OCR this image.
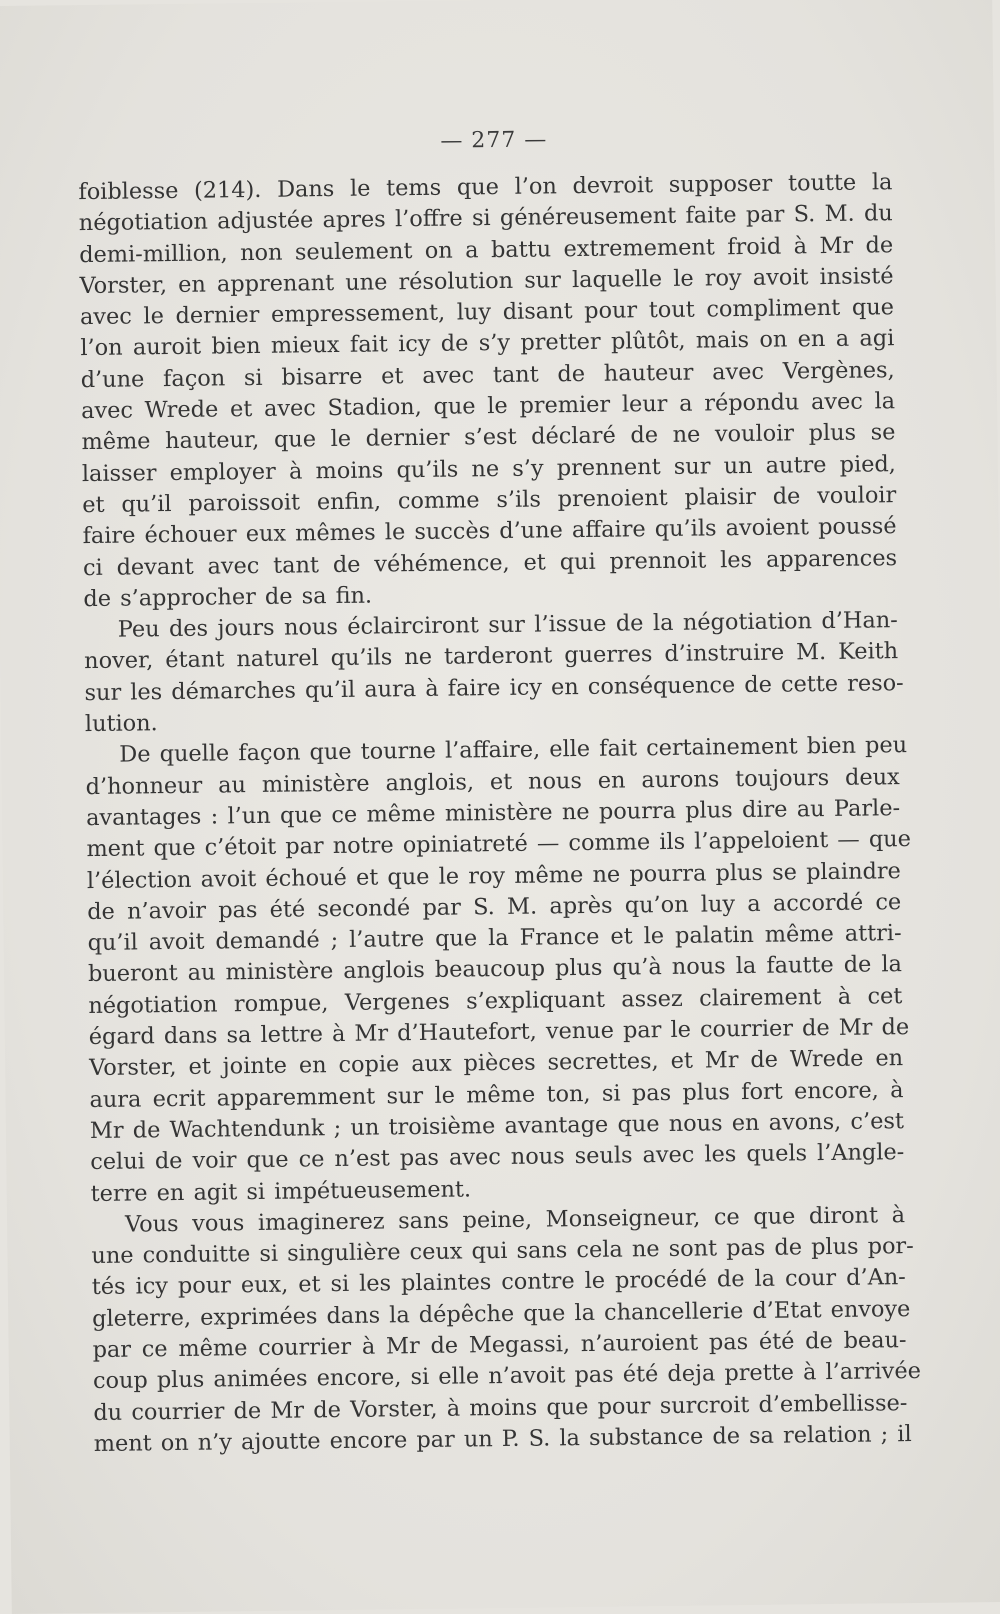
— 277 —
foiblesse (214). Dans le tems que l’on devroit supposer toutte la
négotiation adjustée apres l’offre si généreusement faite par S. M. du
demi-million, non seulement on a battu extremement froid à Mr de
Vorster, en apprenant une résolution sur laquelle le roy avoit insisté
avec le dernier empressement, luy disant pour tout compliment que
l’on auroit bien mieux fait icy de s’y pretter plûtôt, mais on en a agi
d’une façon si bisarre et avec tant de hauteur avec Vergènes,
avec Wrede et avec Stadion, que le premier leur a répondu avec la
même hauteur, que le dernier s’est déclaré de ne vouloir plus se
laisser employer à moins qu’ils ne s’y prennent sur un autre pied,
et qu’il paroissoit enfin, comme s’ils prenoient plaisir de vouloir
faire échouer eux mêmes le succès d’une affaire qu’ils avoient poussé
ci devant avec tant de véhémence, et qui prennoit les apparences
de s’approcher de sa fin.
Peu des jours nous éclairciront sur l’issue de la négotiation d’Han-
nover, étant naturel qu’ils ne tarderont guerres d’instruire M. Keith
sur les démarches qu’il aura à faire icy en conséquence de cette reso-
lution.
De quelle façon que tourne l’affaire, elle fait certainement bien peu
d’honneur au ministère anglois, et nous en aurons toujours deux
avantages : l’un que ce même ministère ne pourra plus dire au Parle-
ment que c’étoit par notre opiniatreté — comme ils l’appeloient — que
l’élection avoit échoué et que le roy même ne pourra plus se plaindre
de n’avoir pas été secondé par S. M. après qu’on luy a accordé ce
qu’il avoit demandé ; l’autre que la France et le palatin même attri-
bueront au ministère anglois beaucoup plus qu’à nous la fautte de la
négotiation rompue, Vergenes s’expliquant assez clairement à cet
égard dans sa lettre à Mr d’Hautefort, venue par le courrier de Mr de
Vorster, et jointe en copie aux pièces secrettes, et Mr de Wrede en
aura ecrit apparemment sur le même ton, si pas plus fort encore, à
Mr de Wachtendunk ; un troisième avantage que nous en avons, c’est
celui de voir que ce n’est pas avec nous seuls avec les quels l’Angle-
terre en agit si impétueusement.
Vous vous imaginerez sans peine, Monseigneur, ce que diront à
une conduitte si singulière ceux qui sans cela ne sont pas de plus por-
tés icy pour eux, et si les plaintes contre le procédé de la cour d’An-
gleterre, exprimées dans la dépêche que la chancellerie d’Etat envoye
par ce même courrier à Mr de Megassi, n’auroient pas été de beau-
coup plus animées encore, si elle n’avoit pas été deja prette à l’arrivée
du courrier de Mr de Vorster, à moins que pour surcroit d’embellisse-
ment on n’y ajoutte encore par un P. S. la substance de sa relation ; il
